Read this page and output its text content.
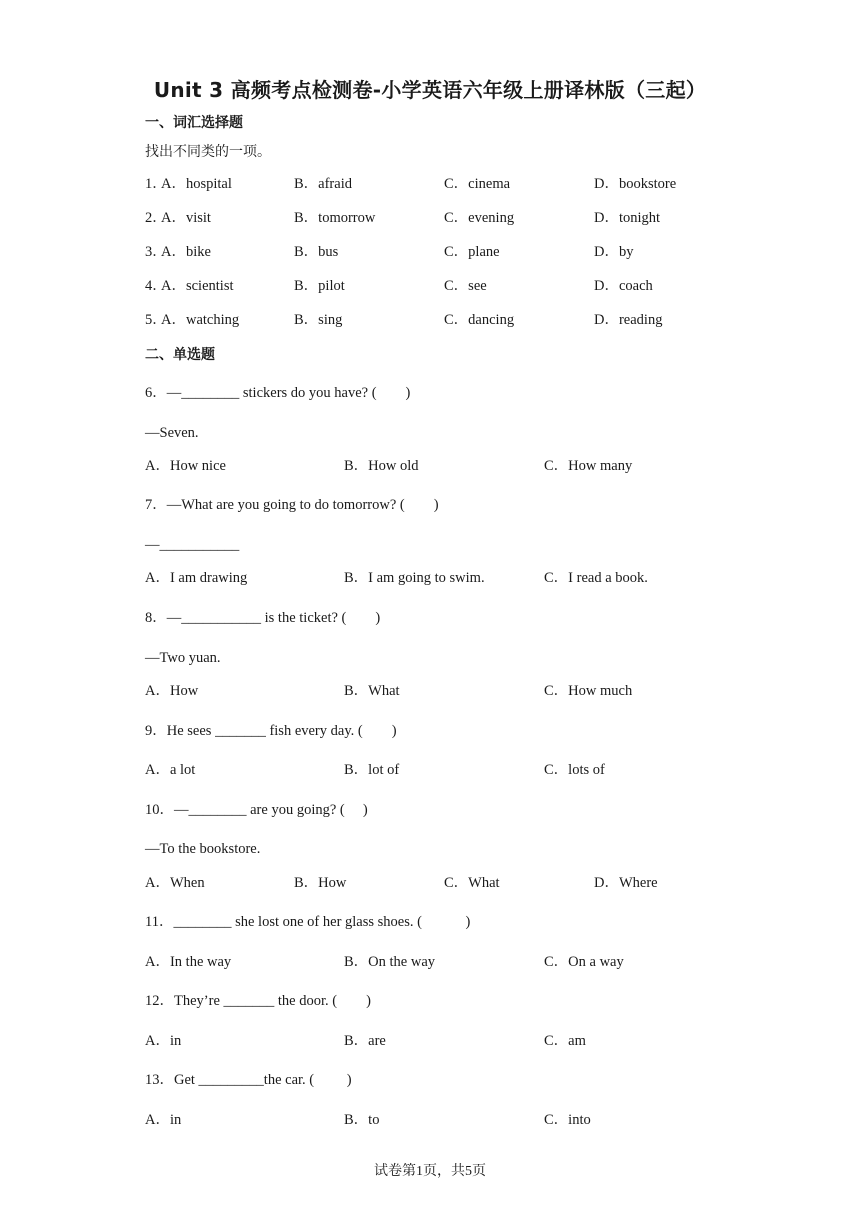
Unit 3 高频考点检测卷-小学英语六年级上册译林版（三起）
一、词汇选择题
找出不同类的一项。
1．
A．hospital	B．afraid	C．cinema	D．bookstore
2．
A．visit	B．tomorrow	C．evening	D．tonight
3．
A．bike	B．bus	C．plane	D．by
4．
A．scientist	B．pilot	C．see	D．coach
5．
A．watching	B．sing	C．dancing	D．reading
二、单选题
6．—________ stickers do you have? (　　)
—Seven.
A．How nice	B．How old	C．How many
7．—What are you going to do tomorrow? (　　)
—___________
A．I am drawing	B．I am going to swim.	C．I read a book.
8．—___________ is the ticket? (　　)
—Two yuan.
A．How	B．What	C．How much
9．He sees _______ fish every day. (　　)
A．a lot	B．lot of	C．lots of
10．—________ are you going? (　 )
—To the bookstore.
A．When	B．How	C．What	D．Where
11．________ she lost one of her glass shoes. (　　　)
A．In the way	B．On the way	C．On a way
12．They’re _______ the door. (　　)
A．in	B．are	C．am
13．Get _________the car. (　　 )
A．in	B．to	C．into
试卷第1页，共5页
